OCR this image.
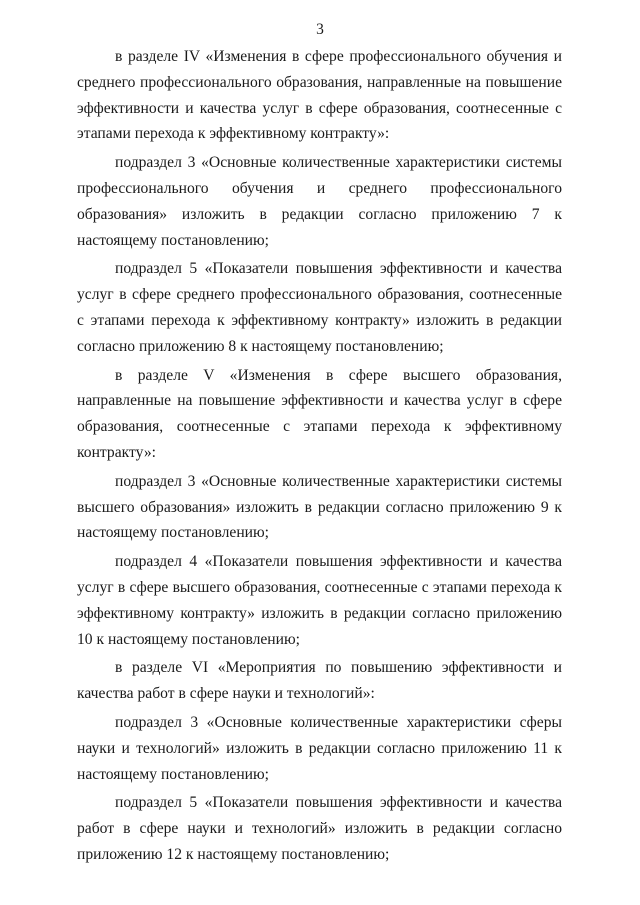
3

в разделе IV «Изменения в сфере профессионального обучения и среднего профессионального образования, направленные на повышение эффективности и качества услуг в сфере образования, соотнесенные с этапами перехода к эффективному контракту»:

подраздел 3 «Основные количественные характеристики системы профессионального обучения и среднего профессионального образования» изложить в редакции согласно приложению 7 к настоящему постановлению;

подраздел 5 «Показатели повышения эффективности и качества услуг в сфере среднего профессионального образования, соотнесенные с этапами перехода к эффективному контракту» изложить в редакции согласно приложению 8 к настоящему постановлению;

в разделе V «Изменения в сфере высшего образования, направленные на повышение эффективности и качества услуг в сфере образования, соотнесенные с этапами перехода к эффективному контракту»:

подраздел 3 «Основные количественные характеристики системы высшего образования» изложить в редакции согласно приложению 9 к настоящему постановлению;

подраздел 4 «Показатели повышения эффективности и качества услуг в сфере высшего образования, соотнесенные с этапами перехода к эффективному контракту» изложить в редакции согласно приложению 10 к настоящему постановлению;

в разделе VI «Мероприятия по повышению эффективности и качества работ в сфере науки и технологий»:

подраздел 3 «Основные количественные характеристики сферы науки и технологий» изложить в редакции согласно приложению 11 к настоящему постановлению;

подраздел 5 «Показатели повышения эффективности и качества работ в сфере науки и технологий» изложить в редакции согласно приложению 12 к настоящему постановлению;
